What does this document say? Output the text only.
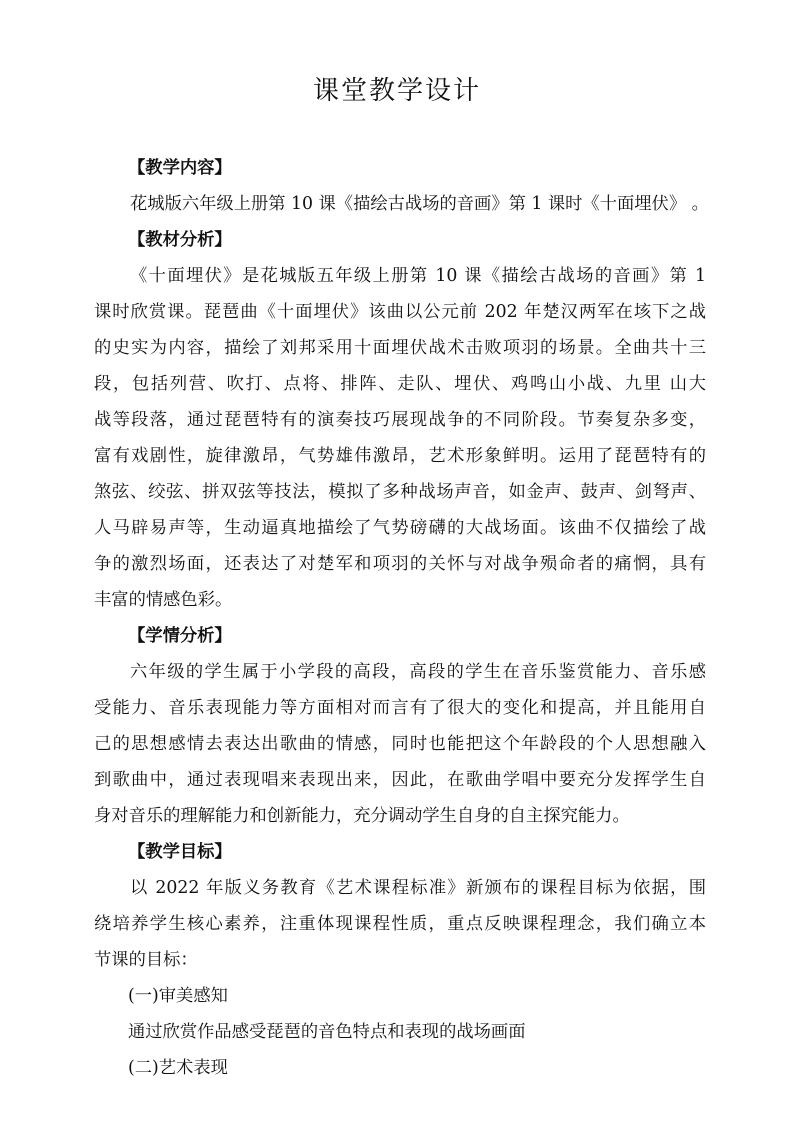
课堂教学设计
【教学内容】
花城版六年级上册第 10 课《描绘古战场的音画》第 1 课时《十面埋伏》 。
【教材分析】
《十面埋伏》是花城版五年级上册第 10 课《描绘古战场的音画》第 1
课时欣赏课。琵琶曲《十面埋伏》该曲以公元前 202 年楚汉两军在垓下之战
的史实为内容，描绘了刘邦采用十面埋伏战术击败项羽的场景。全曲共十三
段，包括列营、吹打、点将、排阵、走队、埋伏、鸡鸣山小战、九里 山大
战等段落，通过琵琶特有的演奏技巧展现战争的不同阶段。节奏复杂多变，
富有戏剧性，旋律激昂，气势雄伟激昂，艺术形象鲜明。运用了琵琶特有的
煞弦、绞弦、拼双弦等技法，模拟了多种战场声音，如金声、鼓声、剑弩声、
人马辟易声等，生动逼真地描绘了气势磅礴的大战场面。该曲不仅描绘了战
争的激烈场面，还表达了对楚军和项羽的关怀与对战争殒命者的痛惘，具有
丰富的情感色彩。
【学情分析】
六年级的学生属于小学段的高段，高段的学生在音乐鉴赏能力、音乐感
受能力、音乐表现能力等方面相对而言有了很大的变化和提高，并且能用自
己的思想感情去表达出歌曲的情感，同时也能把这个年龄段的个人思想融入
到歌曲中，通过表现唱来表现出来，因此，在歌曲学唱中要充分发挥学生自
身对音乐的理解能力和创新能力，充分调动学生自身的自主探究能力。
【教学目标】
以 2022 年版义务教育《艺术课程标准》新颁布的课程目标为依据，围
绕培养学生核心素养，注重体现课程性质，重点反映课程理念，我们确立本
节课的目标：
(一)审美感知
通过欣赏作品感受琵琶的音色特点和表现的战场画面
(二)艺术表现
